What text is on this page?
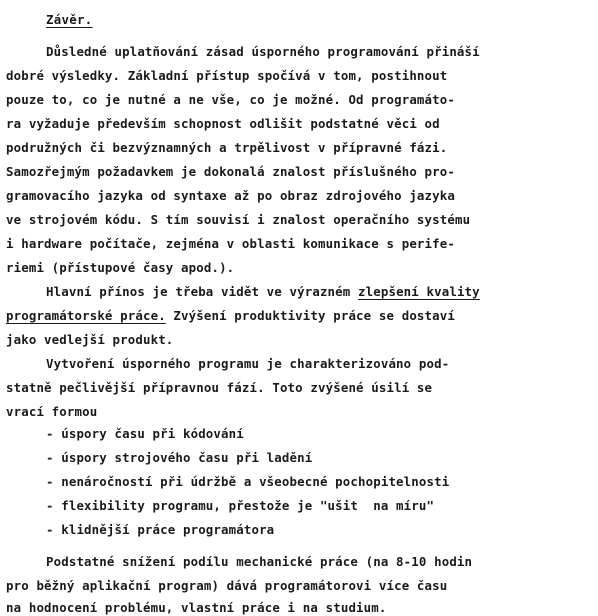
Závěr.
Důsledné uplatňování zásad úsporného programování přináší
dobré výsledky. Základní přístup spočívá v tom, postihnout
pouze to, co je nutné a ne vše, co je možné. Od programáto-
ra vyžaduje především schopnost odlišit podstatné věci od
podružných či bezvýznamných a trpělivost v přípravné fázi.
Samozřejmým požadavkem je dokonalá znalost příslušného pro-
gramovacího jazyka od syntaxe až po obraz zdrojového jazyka
ve strojovém kódu. S tím souvisí i znalost operačního systému
i hardware počítače, zejména v oblasti komunikace s perife-
riemi (přístupové časy apod.).
Hlavní přínos je třeba vidět ve výrazném zlepšení kvality
programátorské práce. Zvýšení produktivity práce se dostaví
jako vedlejší produkt.
Vytvoření úsporného programu je charakterizováno pod-
statně pečlivější přípravnou fází. Toto zvýšené úsilí se
vrací formou
- úspory času při kódování
- úspory strojového času při ladění
- nenáročností při údržbě a všeobecné pochopitelnosti
- flexibility programu, přestože je "ušit  na míru"
- klidnější práce programátora
Podstatné snížení podílu mechanické práce (na 8-10 hodin
pro běžný aplikační program) dává programátorovi více času
na hodnocení problému, vlastní práce i na studium.
